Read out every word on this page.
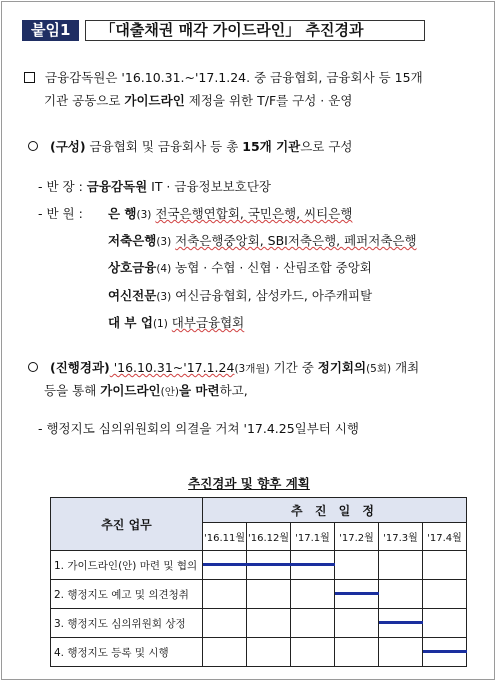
붙임1	「대출채권 매각 가이드라인」 추진경과
금융감독원은 '16.10.31.~'17.1.24. 중 금융협회, 금융회사 등 15개
기관 공동으로 가이드라인 제정을 위한 T/F를 구성 · 운영
(구성) 금융협회 및 금융회사 등 총 15개 기관으로 구성
- 반 장 : 금융감독원 IT · 금융정보보호단장
- 반 원 : 은 행(3) 전국은행연합회, 국민은행, 씨티은행
저축은행(3) 저축은행중앙회, SBI저축은행, 페퍼저축은행
상호금융(4) 농협 · 수협 · 신협 · 산림조합 중앙회
여신전문(3) 여신금융협회, 삼성카드, 아주캐피탈
대 부 업(1) 대부금융협회
(진행경과) '16.10.31~'17.1.24(3개월) 기간 중 정기회의(5회) 개최
등을 통해 가이드라인(안)을 마련하고,
- 행정지도 심의위원회의 의결을 거쳐 '17.4.25일부터 시행
추진경과 및 향후 계획
추진 업무	추 진 일 정					
	'16.11월	'16.12월	'17.1월	'17.2월	'17.3월	'17.4월
1. 가이드라인(안) 마련 및 협의	

2. 행정지도 예고 및 의견청취				

3. 행정지도 심의위원회 상정					

4. 행정지도 등록 및 시행						
